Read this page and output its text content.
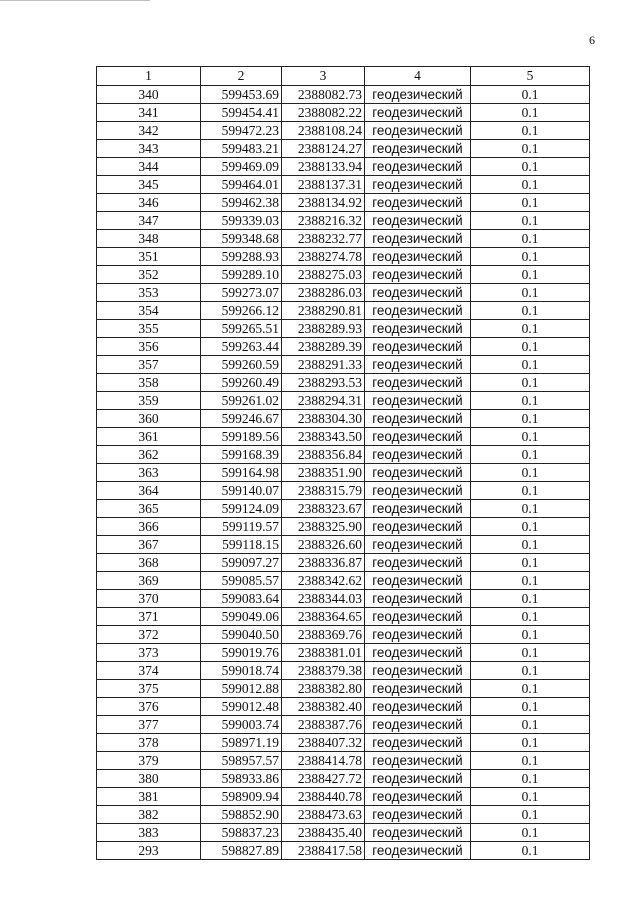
6
1	2	3	4	5
340	599453.69	2388082.73	геодезический	0.1
341	599454.41	2388082.22	геодезический	0.1
342	599472.23	2388108.24	геодезический	0.1
343	599483.21	2388124.27	геодезический	0.1
344	599469.09	2388133.94	геодезический	0.1
345	599464.01	2388137.31	геодезический	0.1
346	599462.38	2388134.92	геодезический	0.1
347	599339.03	2388216.32	геодезический	0.1
348	599348.68	2388232.77	геодезический	0.1
351	599288.93	2388274.78	геодезический	0.1
352	599289.10	2388275.03	геодезический	0.1
353	599273.07	2388286.03	геодезический	0.1
354	599266.12	2388290.81	геодезический	0.1
355	599265.51	2388289.93	геодезический	0.1
356	599263.44	2388289.39	геодезический	0.1
357	599260.59	2388291.33	геодезический	0.1
358	599260.49	2388293.53	геодезический	0.1
359	599261.02	2388294.31	геодезический	0.1
360	599246.67	2388304.30	геодезический	0.1
361	599189.56	2388343.50	геодезический	0.1
362	599168.39	2388356.84	геодезический	0.1
363	599164.98	2388351.90	геодезический	0.1
364	599140.07	2388315.79	геодезический	0.1
365	599124.09	2388323.67	геодезический	0.1
366	599119.57	2388325.90	геодезический	0.1
367	599118.15	2388326.60	геодезический	0.1
368	599097.27	2388336.87	геодезический	0.1
369	599085.57	2388342.62	геодезический	0.1
370	599083.64	2388344.03	геодезический	0.1
371	599049.06	2388364.65	геодезический	0.1
372	599040.50	2388369.76	геодезический	0.1
373	599019.76	2388381.01	геодезический	0.1
374	599018.74	2388379.38	геодезический	0.1
375	599012.88	2388382.80	геодезический	0.1
376	599012.48	2388382.40	геодезический	0.1
377	599003.74	2388387.76	геодезический	0.1
378	598971.19	2388407.32	геодезический	0.1
379	598957.57	2388414.78	геодезический	0.1
380	598933.86	2388427.72	геодезический	0.1
381	598909.94	2388440.78	геодезический	0.1
382	598852.90	2388473.63	геодезический	0.1
383	598837.23	2388435.40	геодезический	0.1
293	598827.89	2388417.58	геодезический	0.1
